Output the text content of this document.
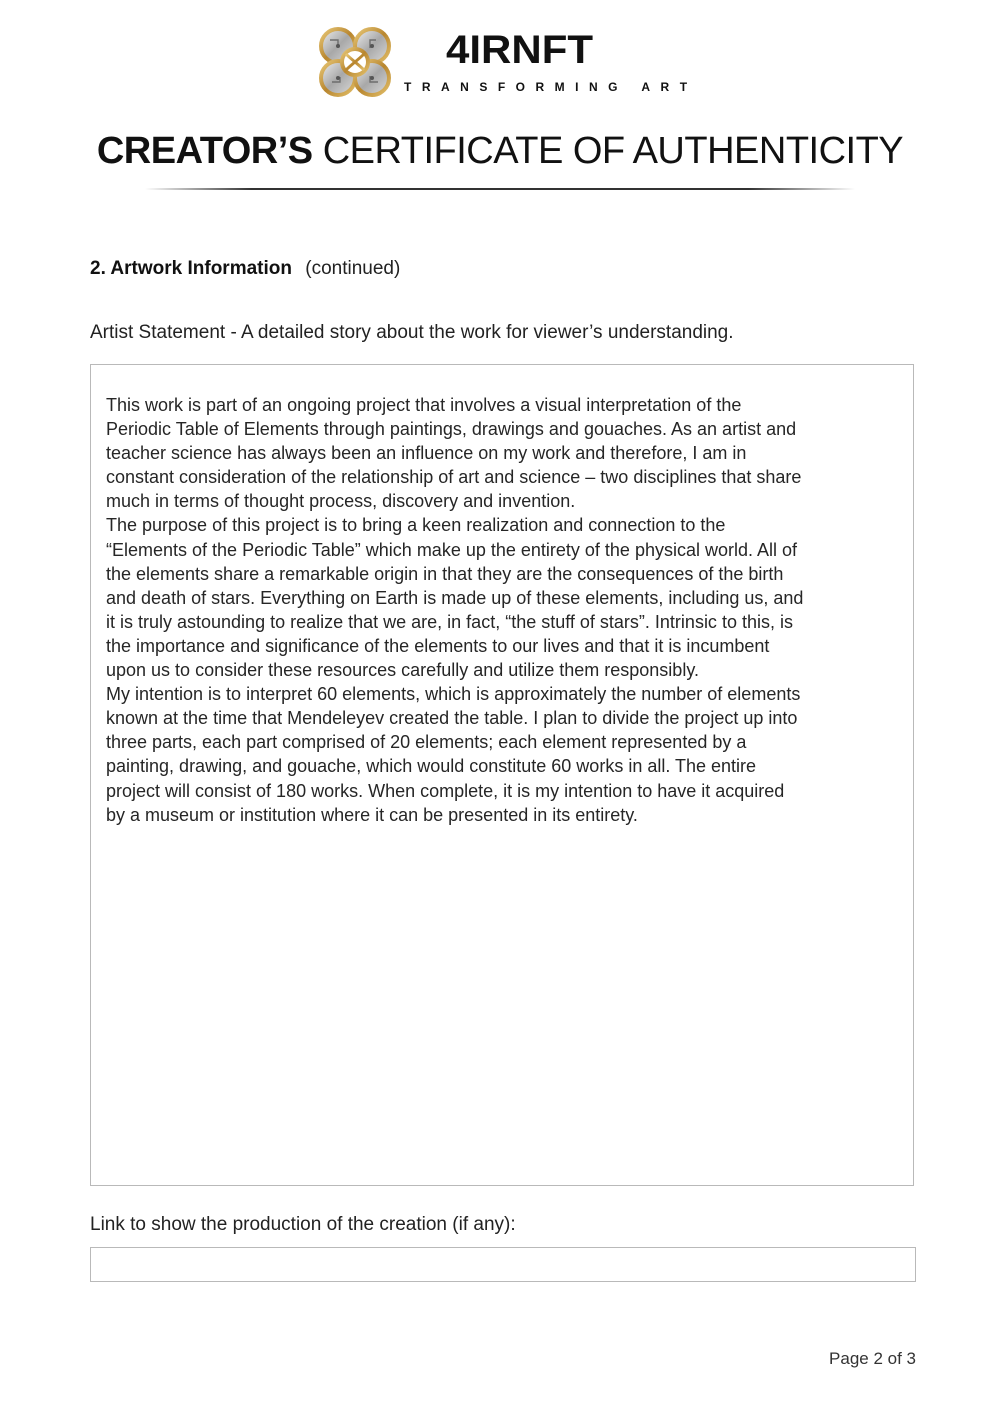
4IRNFT
TRANSFORMING ART
CREATOR’S CERTIFICATE OF AUTHENTICITY
2. Artwork Information (continued)
Artist Statement - A detailed story about the work for viewer’s understanding.

This work is part of an ongoing project that involves a visual interpretation of the Periodic Table of Elements through paintings, drawings and gouaches. As an artist and teacher science has always been an influence on my work and therefore, I am in constant consideration of the relationship of art and science – two disciplines that share much in terms of thought process, discovery and invention.

The purpose of this project is to bring a keen realization and connection to the “Elements of the Periodic Table” which make up the entirety of the physical world. All of the elements share a remarkable origin in that they are the consequences of the birth and death of stars. Everything on Earth is made up of these elements, including us, and it is truly astounding to realize that we are, in fact, “the stuff of stars”. Intrinsic to this, is the importance and significance of the elements to our lives and that it is incumbent upon us to consider these resources carefully and utilize them responsibly.

My intention is to interpret 60 elements, which is approximately the number of elements known at the time that Mendeleyev created the table. I plan to divide the project up into three parts, each part comprised of 20 elements; each element represented by a painting, drawing, and gouache, which would constitute 60 works in all. The entire project will consist of 180 works. When complete, it is my intention to have it acquired by a museum or institution where it can be presented in its entirety.

Link to show the production of the creation (if any):
Page 2 of 3
